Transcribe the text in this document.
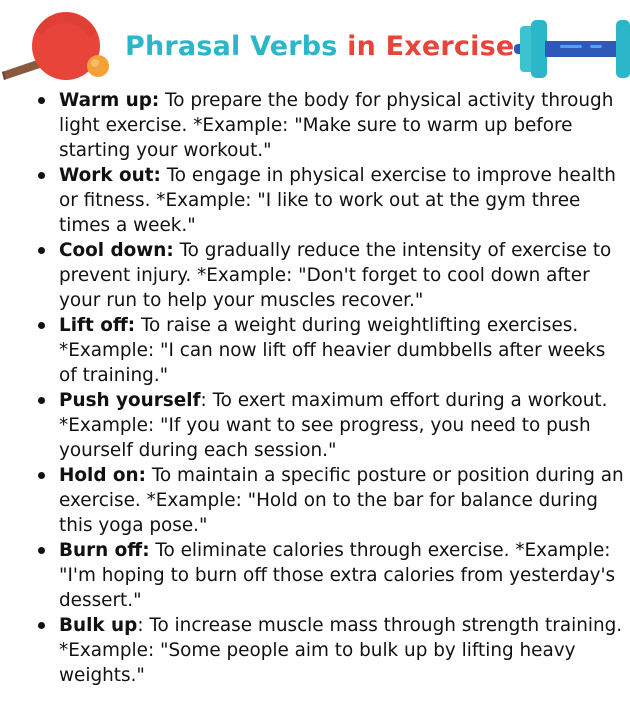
Phrasal Verbs in Exercise
Warm up: To prepare the body for physical activity through light exercise. *Example: "Make sure to warm up before starting your workout."
Work out: To engage in physical exercise to improve health or fitness. *Example: "I like to work out at the gym three times a week."
Cool down: To gradually reduce the intensity of exercise to prevent injury. *Example: "Don't forget to cool down after your run to help your muscles recover."
Lift off: To raise a weight during weightlifting exercises. *Example: "I can now lift off heavier dumbbells after weeks of training."
Push yourself: To exert maximum effort during a workout. *Example: "If you want to see progress, you need to push yourself during each session."
Hold on: To maintain a specific posture or position during an exercise. *Example: "Hold on to the bar for balance during this yoga pose."
Burn off: To eliminate calories through exercise. *Example: "I'm hoping to burn off those extra calories from yesterday's dessert."
Bulk up: To increase muscle mass through strength training. *Example: "Some people aim to bulk up by lifting heavy weights."
